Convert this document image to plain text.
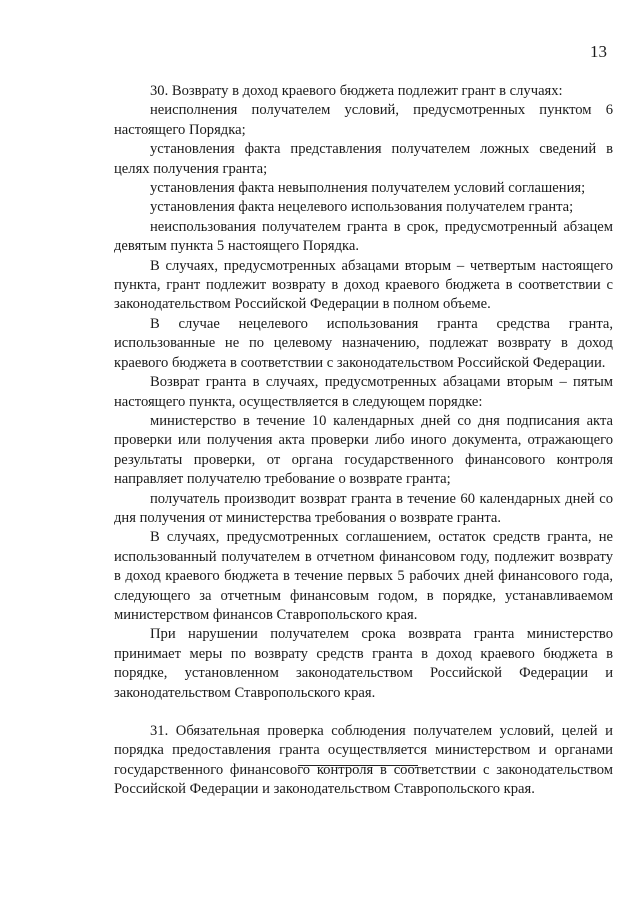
13

30. Возврату в доход краевого бюджета подлежит грант в случаях:

неисполнения получателем условий, предусмотренных пунктом 6 настоящего Порядка;

установления факта представления получателем ложных сведений в целях получения гранта;

установления факта невыполнения получателем условий соглашения;

установления факта нецелевого использования получателем гранта;

неиспользования получателем гранта в срок, предусмотренный абзацем девятым пункта 5 настоящего Порядка.

В случаях, предусмотренных абзацами вторым – четвертым настоящего пункта, грант подлежит возврату в доход краевого бюджета в соответствии с законодательством Российской Федерации в полном объеме.

В случае нецелевого использования гранта средства гранта, использованные не по целевому назначению, подлежат возврату в доход краевого бюджета в соответствии с законодательством Российской Федерации.

Возврат гранта в случаях, предусмотренных абзацами вторым – пятым настоящего пункта, осуществляется в следующем порядке:

министерство в течение 10 календарных дней со дня подписания акта проверки или получения акта проверки либо иного документа, отражающего результаты проверки, от органа государственного финансового контроля направляет получателю требование о возврате гранта;

получатель производит возврат гранта в течение 60 календарных дней со дня получения от министерства требования о возврате гранта.

В случаях, предусмотренных соглашением, остаток средств гранта, не использованный получателем в отчетном финансовом году, подлежит возврату в доход краевого бюджета в течение первых 5 рабочих дней финансового года, следующего за отчетным финансовым годом, в порядке, устанавливаемом министерством финансов Ставропольского края.

При нарушении получателем срока возврата гранта министерство принимает меры по возврату средств гранта в доход краевого бюджета в порядке, установленном законодательством Российской Федерации и законодательством Ставропольского края.

31. Обязательная проверка соблюдения получателем условий, целей и порядка предоставления гранта осуществляется министерством и органами государственного финансового контроля в соответствии с законодательством Российской Федерации и законодательством Ставропольского края.
